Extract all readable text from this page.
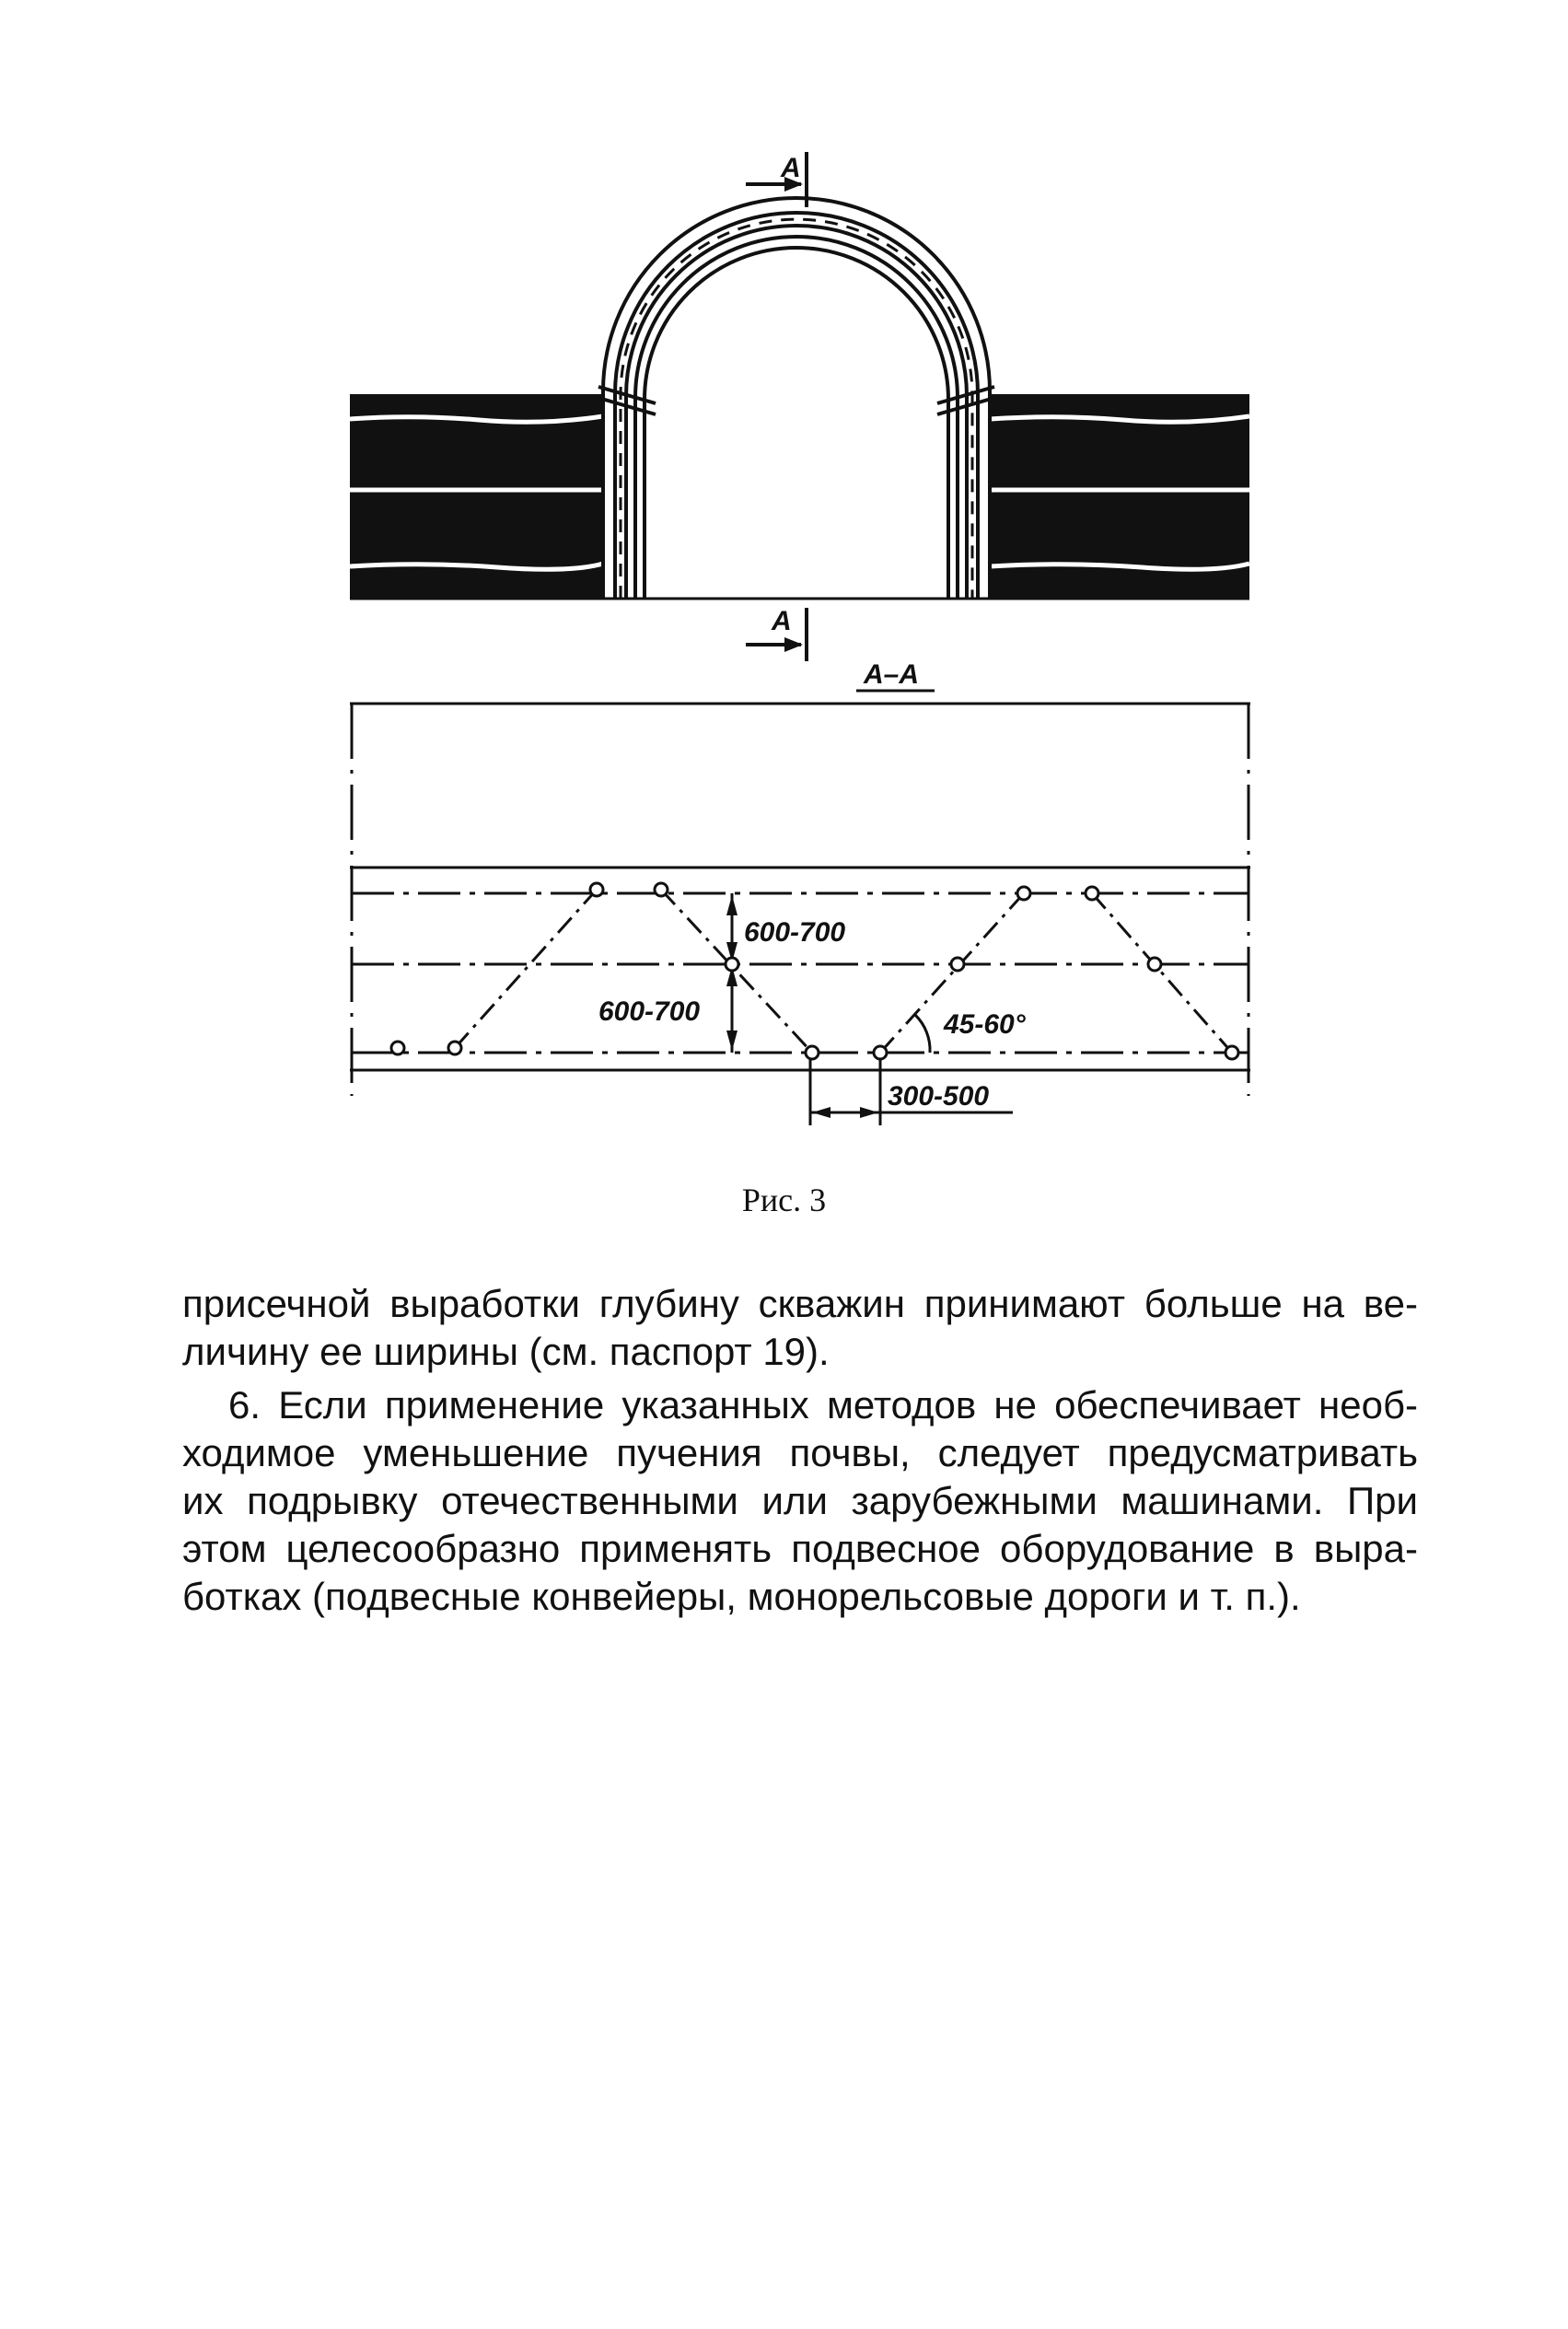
A
A
A–A
600-700
600-700	45-60°
300-500
Рис. 3
присечной выработки глубину скважин принимают больше на ве-
личину ее ширины (см. паспорт 19).
6. Если применение указанных методов не обеспечивает необ-
ходимое уменьшение пучения почвы, следует предусматривать
их подрывку отечественными или зарубежными машинами. При
этом целесообразно применять подвесное оборудование в выра-
ботках (подвесные конвейеры, монорельсовые дороги и т. п.).
